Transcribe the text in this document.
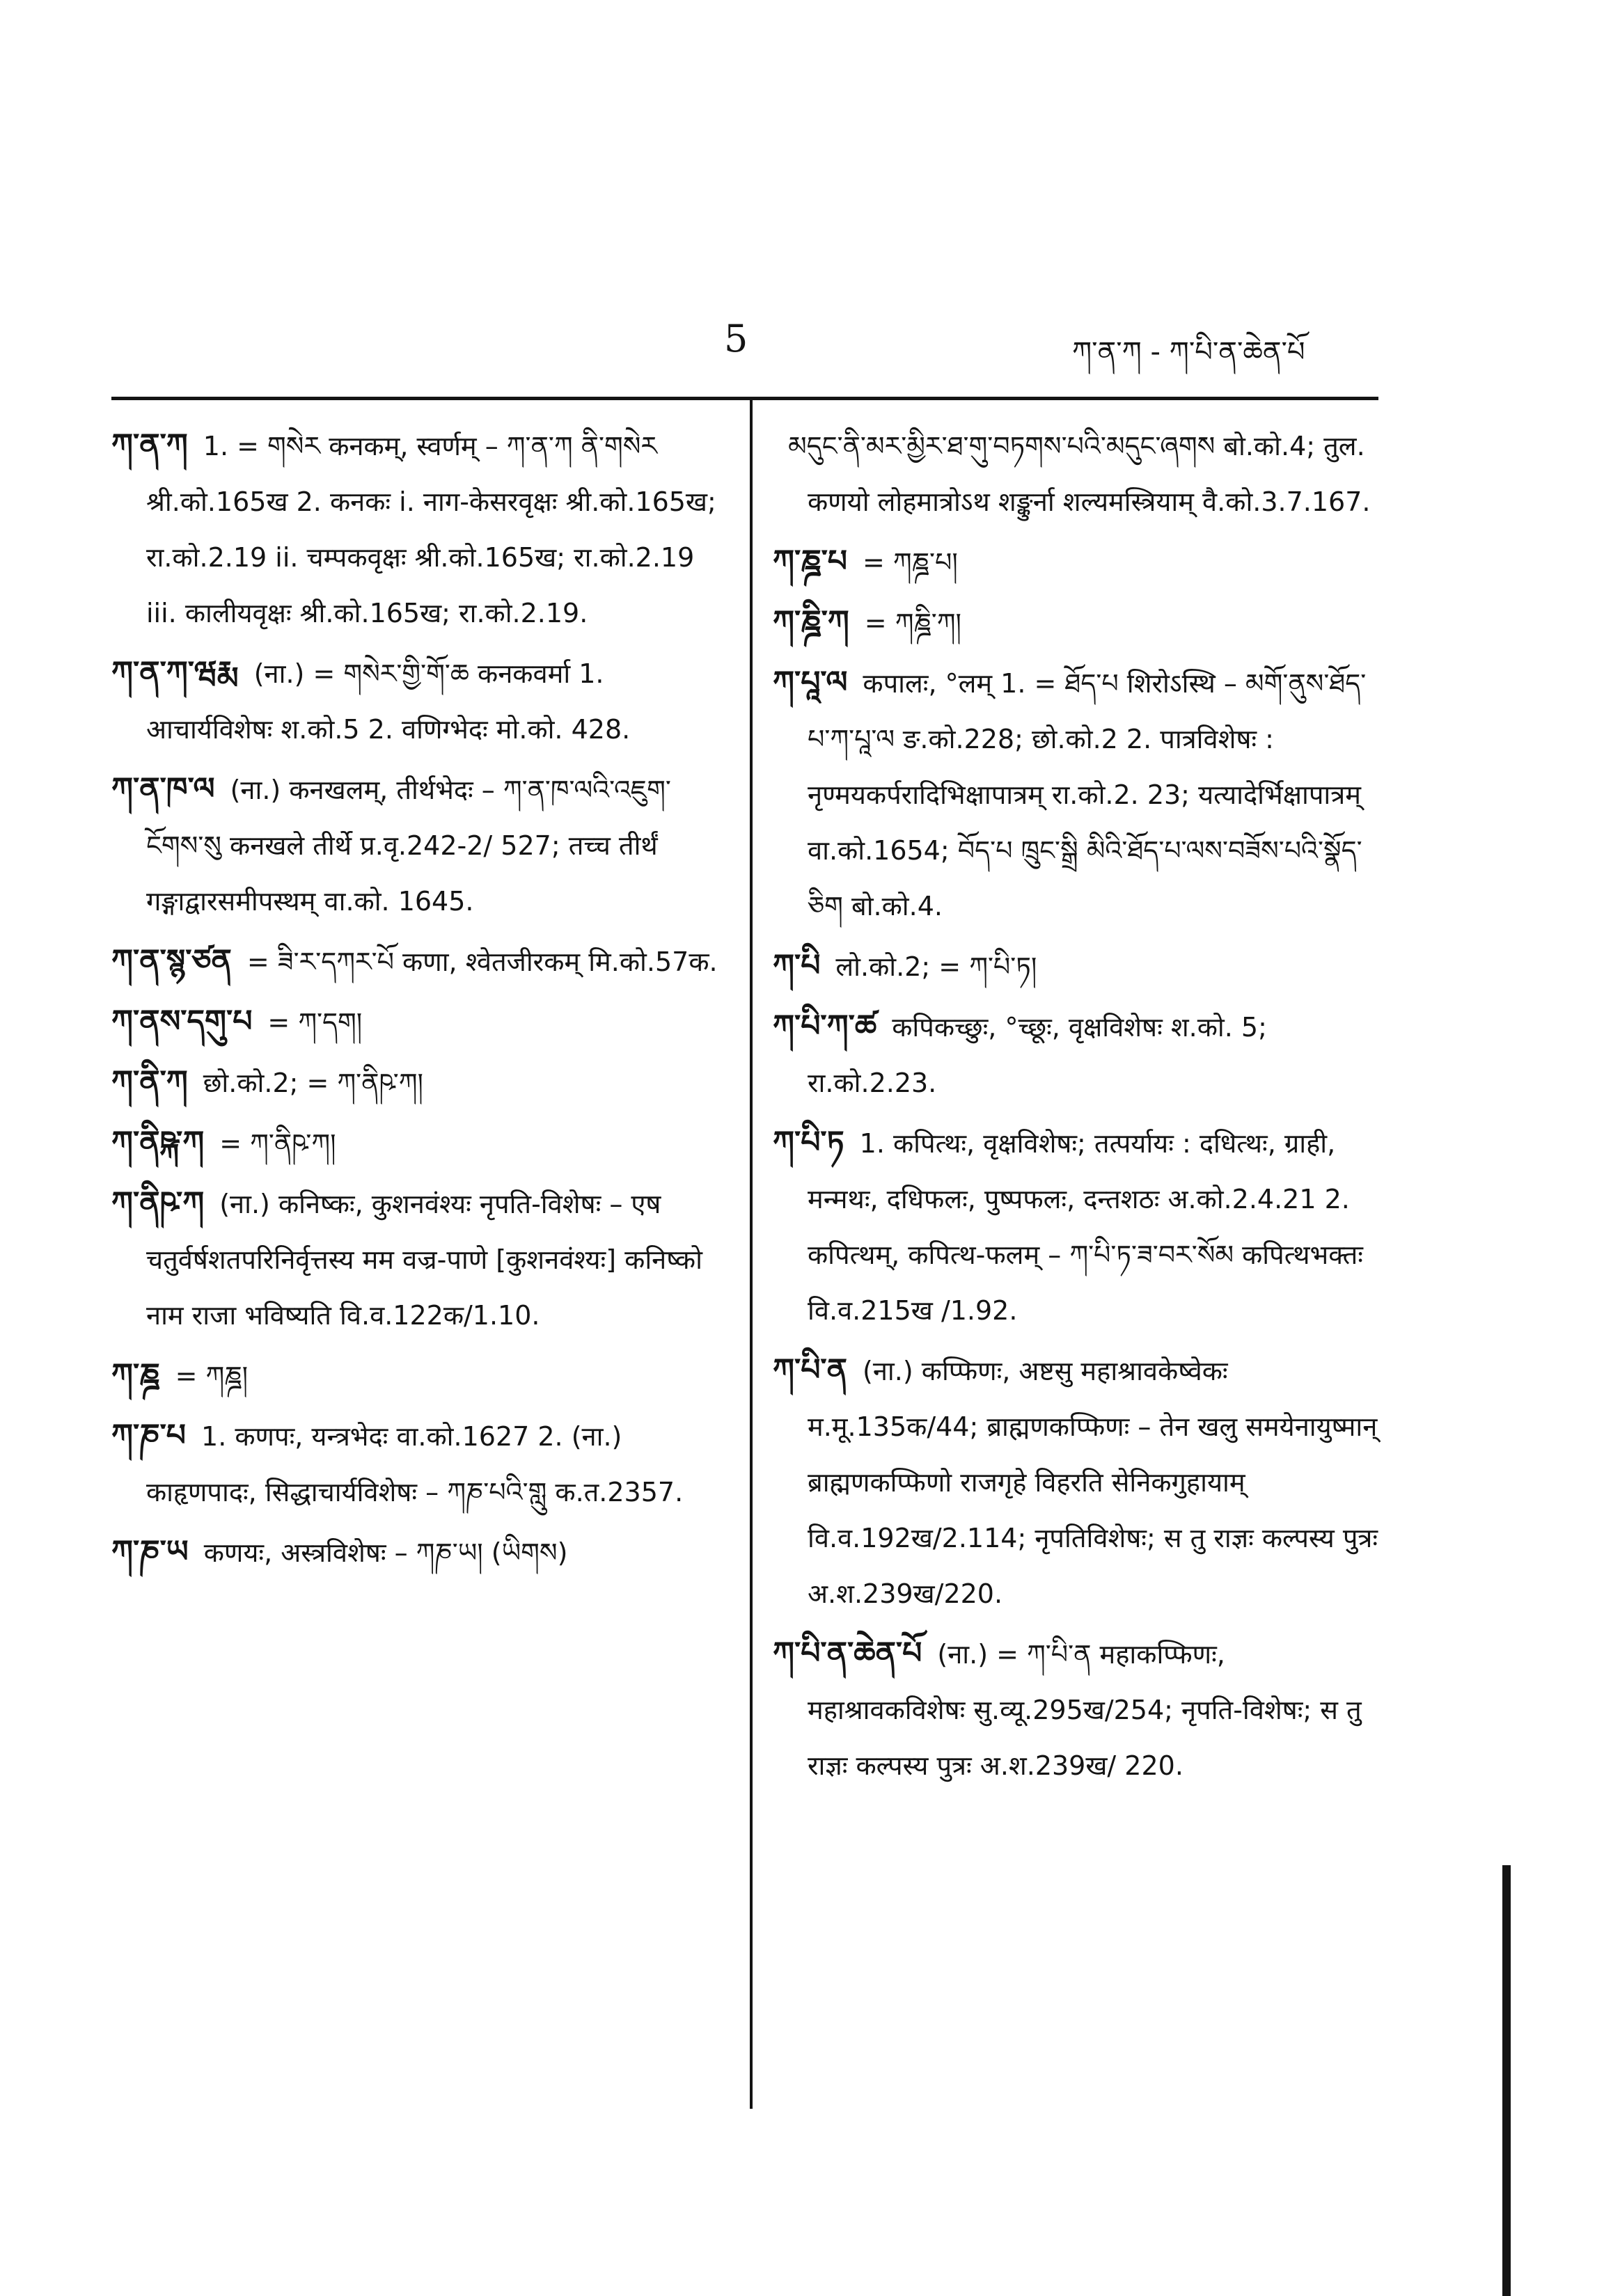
5	ཀ་ན་ཀ - ཀ་པི་ན་ཆེན་པོ
ཀ་ན་ཀ 1. = གསེར कनकम्, स्वर्णम् – ཀ་ན་ཀ ནི་གསེར श्री.को.165ख 2. कनकः i. नाग-केसरवृक्षः श्री.को.165ख; रा.को.2.19 ii. चम्पकवृक्षः श्री.को.165ख; रा.को.2.19 iii. कालीयवृक्षः श्री.को.165ख; रा.को.2.19.
ཀ་ན་ཀ་ཝརྨ (ना.) = གསེར་གྱི་གོ་ཆ कनकवर्मा 1. आचार्यविशेषः श.को.5 2. वणिग्भेदः मो.को. 428.
ཀ་ན་ཁ་ལ (ना.) कनखलम्, तीर्थभेदः – ཀ་ན་ཁ་ལའི་འཇུག་ངོགས་སུ कनखले तीर्थे प्र.वृ.242-2/ 527; तच्च तीर्थं गङ्गाद्वारसमीपस्थम् वा.को. 1645.
ཀ་ན་སྙ་ཙན = ཟི་ར་དཀར་པོ कणा, श्वेतजीरकम् मि.को.57क.
ཀ་ནས་དགུ་པ = ཀ་དག།
ཀ་ནི་ཀ छो.को.2; = ཀ་ནིཥ་ཀ།
ཀ་ནིཥྐ་ཀ = ཀ་ནིཥ་ཀ།
ཀ་ནིཥ་ཀ (ना.) कनिष्कः, कुशनवंश्यः नृपति-विशेषः – एष चतुर्वर्षशतपरिनिर्वृत्तस्य मम वज्र-पाणे [कुशनवंश्यः] कनिष्को नाम राजा भविष्यति वि.व.122क/1.10.
ཀ་ཎྜ = ཀཎྜ།
ཀ་ཎ་པ 1. कणपः, यन्त्रभेदः वा.को.1627 2. (ना.) काहृणपादः, सिद्धाचार्यविशेषः – ཀཎ་པའི་གླུ क.त.2357.
ཀ་ཎ་ཡ कणयः, अस्त्रविशेषः – ཀཎ་ཡ། (ཡིགས)
མདུང་ནི་མར་མྱིར་ཐ་གུ་བཏགས་པའི་མདུང་ཞགས बो.को.4; तुल. कणयो लोहमात्रोऽथ शङ्कुर्ना शल्यमस्त्रियाम् वै.को.3.7.167.
ཀ་ཎྜ་པ = ཀཎྜ་པ།
ཀ་ཎྜི་ཀ = ཀཎྜི་ཀ།
ཀ་པཱ་ལ कपालः, °लम् 1. = ཐོད་པ शिरोऽस्थि – མགོ་ནུས་ཐོད་པ་ཀ་པཱ་ལ ङ.को.228; छो.को.2 2. पात्रविशेषः : नृण्मयकर्परादिभिक्षापात्रम् रा.को.2. 23; यत्यादेर्भिक्षापात्रम् वा.को.1654; བོད་པ ཁྲུང་སྒྲི མིའི་ཐོད་པ་ལས་བཟོས་པའི་སྣོད་ཅིག बो.को.4.
ཀ་པི लो.को.2; = ཀ་པི་ཏ།
ཀ་པི་ཀ་ཚ कपिकच्छुः, °च्छूः, वृक्षविशेषः श.को. 5; रा.को.2.23.
ཀ་པི་ཏ 1. कपित्थः, वृक्षविशेषः; तत्पर्यायः : दधित्थः, ग्राही, मन्मथः, दधिफलः, पुष्पफलः, दन्तशठः अ.को.2.4.21 2. कपित्थम्, कपित्थ-फलम् – ཀ་པི་ཏ་ཟ་བར་སོམ कपित्थभक्तः वि.व.215ख /1.92.
ཀ་པི་ན (ना.) कप्फिणः, अष्टसु महाश्रावकेष्वेकः म.मू.135क/44; ब्राह्मणकप्फिणः – तेन खलु समयेनायुष्मान् ब्राह्मणकप्फिणो राजगृहे विहरति सेनिकगुहायाम् वि.व.192ख/2.114; नृपतिविशेषः; स तु राज्ञः कल्पस्य पुत्रः अ.श.239ख/220.
ཀ་པི་ན་ཆེན་པོ (ना.) = ཀ་པི་ན महाकप्फिणः, महाश्रावकविशेषः सु.व्यू.295ख/254; नृपति-विशेषः; स तु राज्ञः कल्पस्य पुत्रः अ.श.239ख/ 220.
